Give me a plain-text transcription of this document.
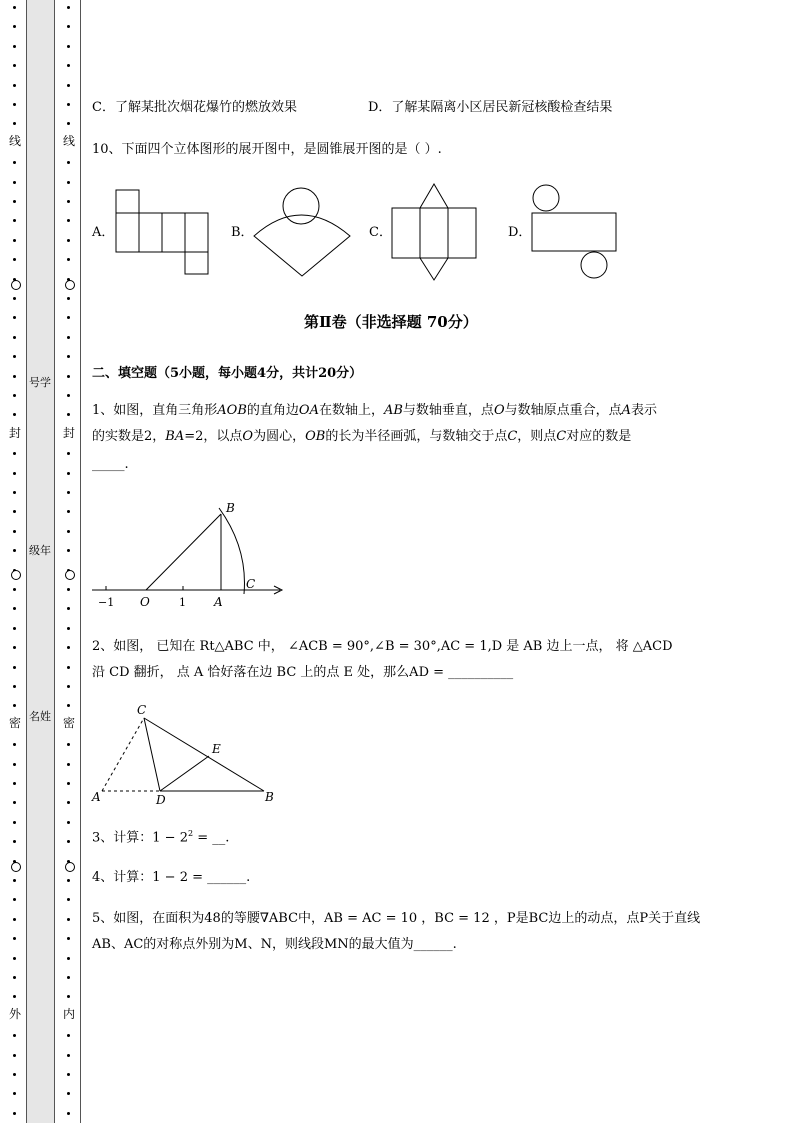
线
封
密
外
线
封
密
内
号学
级年
名姓
C．了解某批次烟花爆竹的燃放效果	D．了解某隔离小区居民新冠核酸检查结果
10、下面四个立体图形的展开图中，是圆锥展开图的是（ ）.
A．	B．	C．	D．
第Ⅱ卷（非选择题 70分）
二、填空题（5小题，每小题4分，共计20分）
1、如图，直角三角形AOB的直角边OA在数轴上，AB与数轴垂直，点O与数轴原点重合，点A表示
的实数是2，BA=2，以点O为圆心，OB的长为半径画弧，与数轴交于点C，则点C对应的数是
_____.
B
C
O	A
−1	1
2、如图， 已知在 Rt△ABC 中， ∠ACB = 90°,∠B = 30°,AC = 1,D 是 AB 边上一点， 将 △ACD
沿 CD 翻折， 点 A 恰好落在边 BC 上的点 E 处，那么AD = __________
C
E
A	D	B
3、计算：$1 - 2^2$ = __.
4、计算：1 − 2 = ______.
5、如图，在面积为48的等腰∇ABC中，AB = AC = 10 ，BC = 12 ，P是BC边上的动点，点P关于直线
AB、AC的对称点外别为M、N，则线段MN的最大值为______.
